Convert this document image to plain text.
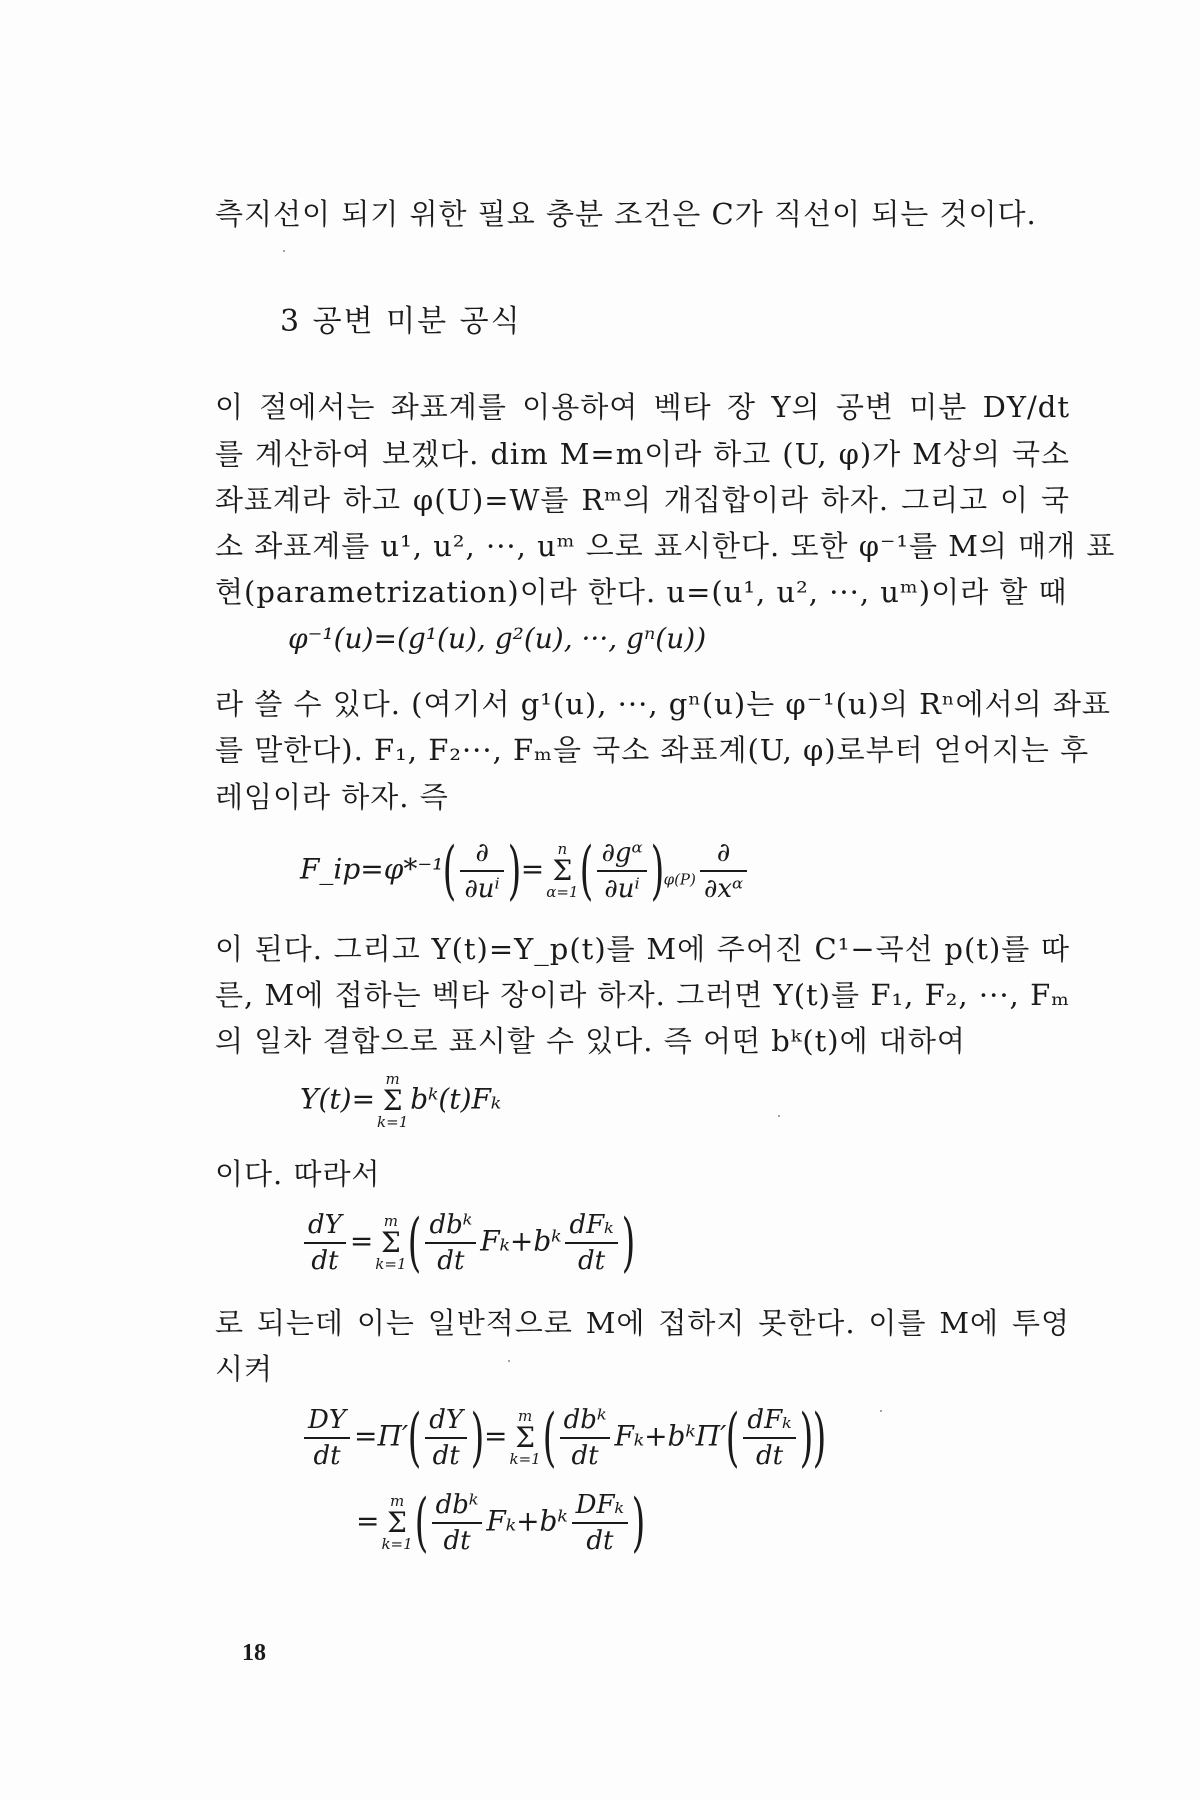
측지선이 되기 위한 필요 충분 조건은 C가 직선이 되는 것이다.
3 공변 미분 공식
이 절에서는 좌표계를 이용하여 벡타 장 Y의 공변 미분 DY/dt
를 계산하여 보겠다. dim M=m이라 하고 (U, φ)가 M상의 국소
좌표계라 하고 φ(U)=W를 Rᵐ의 개집합이라 하자. 그리고 이 국
소 좌표계를 u¹, u², ···, uᵐ 으로 표시한다. 또한 φ⁻¹를 M의 매개 표
현(parametrization)이라 한다. u=(u¹, u², ···, uᵐ)이라 할 때
φ⁻¹(u)=(g¹(u), g²(u), ···, gⁿ(u))
라 쓸 수 있다. (여기서 g¹(u), ···, gⁿ(u)는 φ⁻¹(u)의 Rⁿ에서의 좌표
를 말한다). F₁, F₂···, Fₘ을 국소 좌표계(U, φ)로부터 얻어지는 후
레임이라 하자. 즉
F_ip=φ*⁻¹( $\frac{\partial}{\text{∂uⁱ}}$ )=
n
Σ
α=1 ( $\frac{\text{∂gᵅ}}{\text{∂uⁱ}} )_{\varphi(P)} \frac{\partial}{\text{∂xᵅ}}$
이 된다. 그리고 Y(t)=Y_p(t)를 M에 주어진 C¹−곡선 p(t)를 따
른, M에 접하는 벡타 장이라 하자. 그러면 Y(t)를 F₁, F₂, ···, Fₘ
의 일차 결합으로 표시할 수 있다. 즉 어떤 bᵏ(t)에 대하여
Y(t)=
m
Σ
k=1
bᵏ(t)Fₖ
이다. 따라서
$\frac{dY}{dt}$ =
m
Σ
k=1 ( $\frac{\text{dbᵏ}}{dt}$ Fₖ+bᵏ $\frac{\text{dFₖ}}{dt}$ )
로 되는데 이는 일반적으로 M에 접하지 못한다. 이를 M에 투영
시켜
$\frac{DY}{dt} =\Pi'( \frac{dY}{dt}$ )=
m
Σ
k=1 ( $\frac{\text{dbᵏ}}{dt}$ Fₖ+bᵏΠ′( $\frac{\text{dFₖ}}{dt}$ ))
=
m
Σ
k=1 ( $\frac{\text{dbᵏ}}{dt}$ Fₖ+bᵏ $\frac{\text{DFₖ}}{dt}$ )
18
